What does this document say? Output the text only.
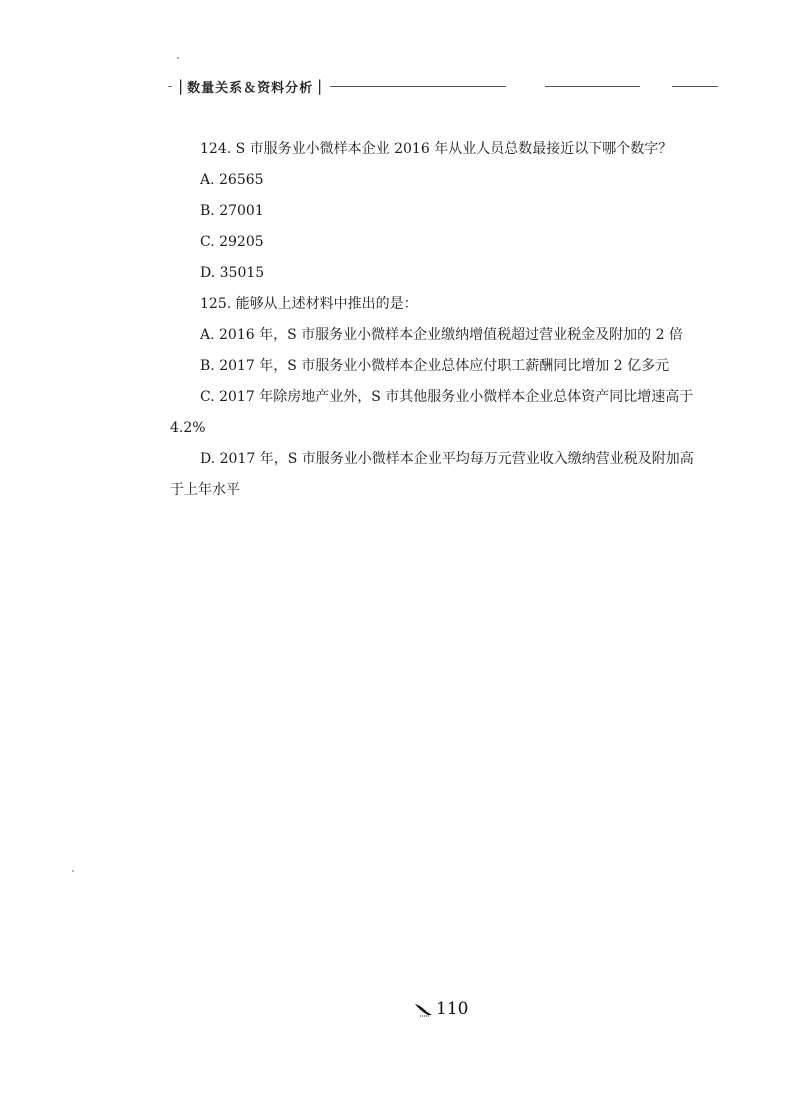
- | 数量关系＆资料分析 |

124. S 市服务业小微样本企业 2016 年从业人员总数最接近以下哪个数字？

A. 26565

B. 27001

C. 29205

D. 35015

125. 能够从上述材料中推出的是：

A. 2016 年，S 市服务业小微样本企业缴纳增值税超过营业税金及附加的 2 倍

B. 2017 年，S 市服务业小微样本企业总体应付职工薪酬同比增加 2 亿多元

C. 2017 年除房地产业外，S 市其他服务业小微样本企业总体资产同比增速高于
4.2%
D. 2017 年，S 市服务业小微样本企业平均每万元营业收入缴纳营业税及附加高
于上年水平
110
